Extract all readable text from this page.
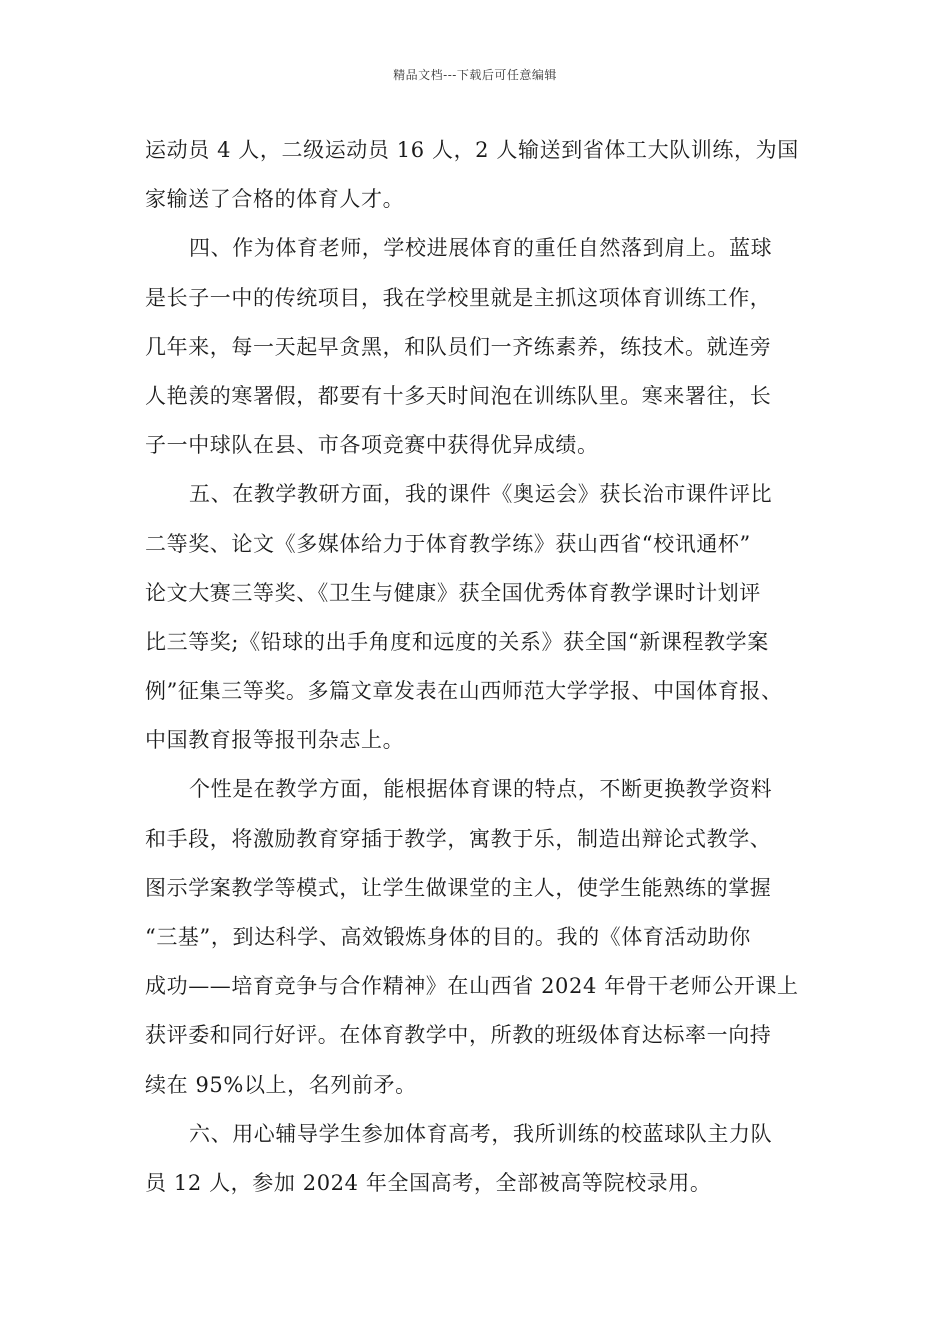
精品文档---下载后可任意编辑
运动员 4 人，二级运动员 16 人，2 人输送到省体工大队训练，为国
家输送了合格的体育人才。
四、作为体育老师，学校进展体育的重任自然落到肩上。蓝球
是长子一中的传统项目，我在学校里就是主抓这项体育训练工作，
几年来，每一天起早贪黑，和队员们一齐练素养，练技术。就连旁
人艳羡的寒署假，都要有十多天时间泡在训练队里。寒来署往，长
子一中球队在县、市各项竞赛中获得优异成绩。
五、在教学教研方面，我的课件《奥运会》获长治市课件评比
二等奖、论文《多媒体给力于体育教学练》获山西省“校讯通杯”
论文大赛三等奖、《卫生与健康》获全国优秀体育教学课时计划评
比三等奖;《铅球的出手角度和远度的关系》获全国“新课程教学案
例”征集三等奖。多篇文章发表在山西师范大学学报、中国体育报、
中国教育报等报刊杂志上。
个性是在教学方面，能根据体育课的特点，不断更换教学资料
和手段，将激励教育穿插于教学，寓教于乐，制造出辩论式教学、
图示学案教学等模式，让学生做课堂的主人，使学生能熟练的掌握
“三基”，到达科学、高效锻炼身体的目的。我的《体育活动助你
成功——培育竞争与合作精神》在山西省 2024 年骨干老师公开课上
获评委和同行好评。在体育教学中，所教的班级体育达标率一向持
续在 95%以上，名列前矛。
六、用心辅导学生参加体育高考，我所训练的校蓝球队主力队
员 12 人，参加 2024 年全国高考，全部被高等院校录用。
